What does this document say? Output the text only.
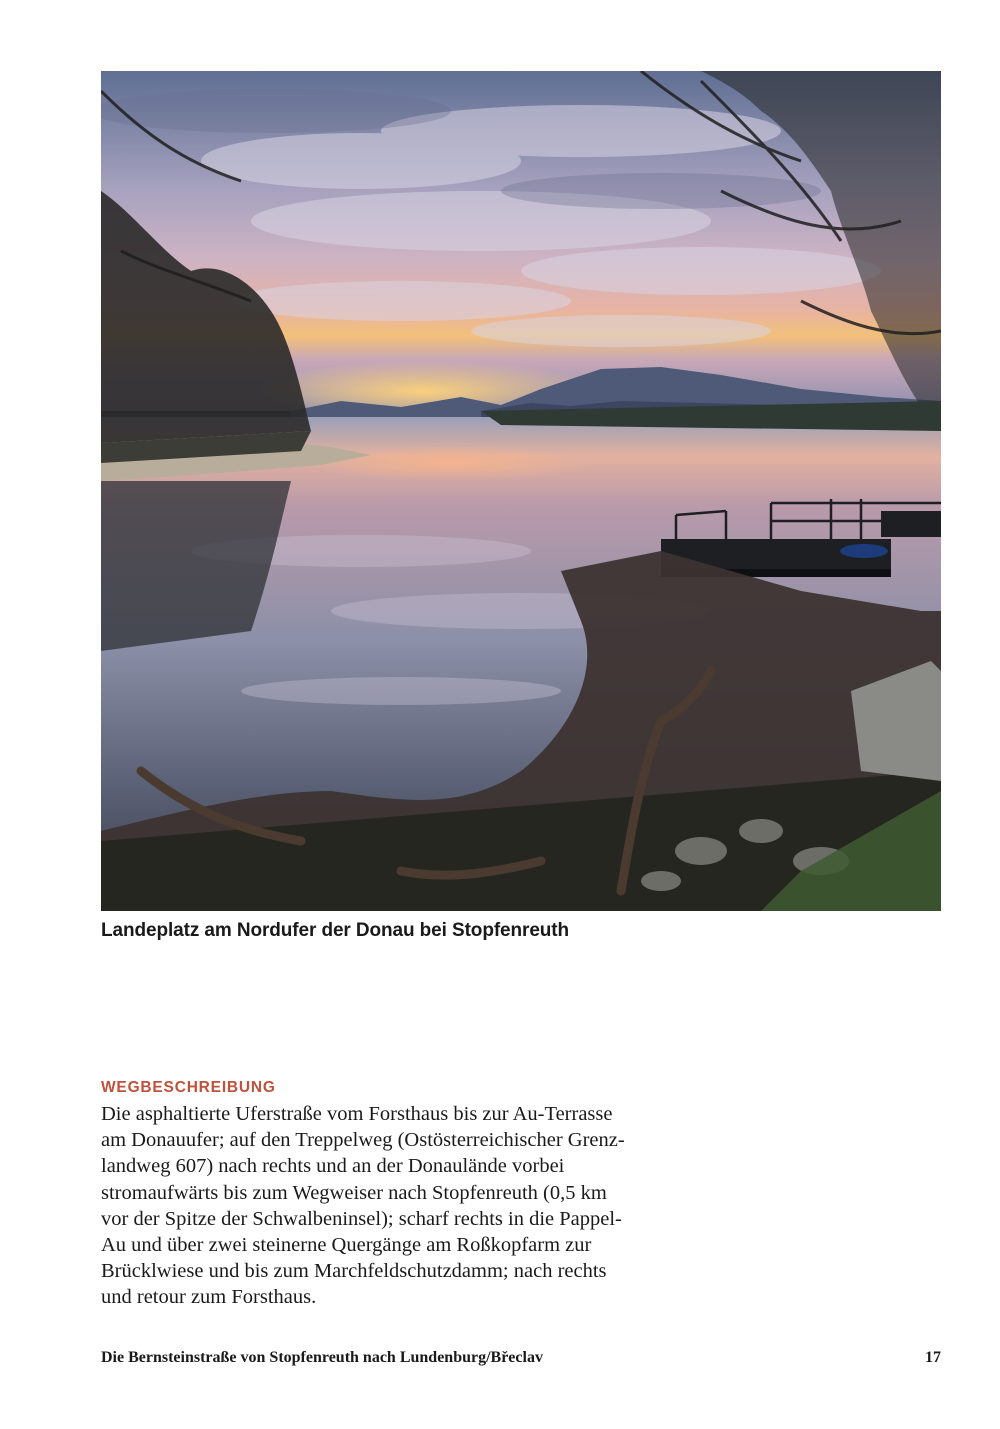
Landeplatz am Nordufer der Donau bei Stopfenreuth
WEGBESCHREIBUNG
Die asphaltierte Uferstraße vom Forsthaus bis zur Au-Terrasse
am Donauufer; auf den Treppelweg (Ostösterreichischer Grenz-
landweg 607) nach rechts und an der Donaulände vorbei
stromaufwärts bis zum Wegweiser nach Stopfenreuth (0,5 km
vor der Spitze der Schwalbeninsel); scharf rechts in die Pappel-
Au und über zwei steinerne Quergänge am Roßkopfarm zur
Brücklwiese und bis zum Marchfeldschutzdamm; nach rechts
und retour zum Forsthaus.
Die Bernsteinstraße von Stopfenreuth nach Lundenburg/Břeclav	17
